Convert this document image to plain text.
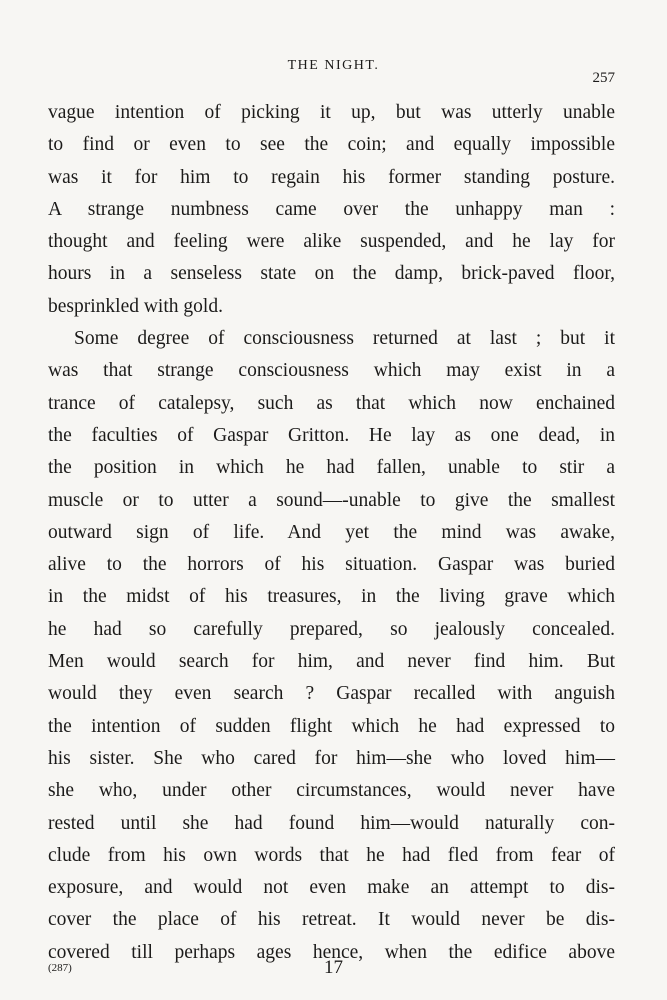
THE NIGHT.
257
vague intention of picking it up, but was utterly unable
to find or even to see the coin; and equally impossible
was it for him to regain his former standing posture.
A strange numbness came over the unhappy man :
thought and feeling were alike suspended, and he lay for
hours in a senseless state on the damp, brick-paved floor,
besprinkled with gold.
Some degree of consciousness returned at last ; but it
was that strange consciousness which may exist in a
trance of catalepsy, such as that which now enchained
the faculties of Gaspar Gritton. He lay as one dead, in
the position in which he had fallen, unable to stir a
muscle or to utter a sound—-unable to give the smallest
outward sign of life. And yet the mind was awake,
alive to the horrors of his situation. Gaspar was buried
in the midst of his treasures, in the living grave which
he had so carefully prepared, so jealously concealed.
Men would search for him, and never find him. But
would they even search ? Gaspar recalled with anguish
the intention of sudden flight which he had expressed to
his sister. She who cared for him—she who loved him—
she who, under other circumstances, would never have
rested until she had found him—would naturally con-
clude from his own words that he had fled from fear of
exposure, and would not even make an attempt to dis-
cover the place of his retreat. It would never be dis-
covered till perhaps ages hence, when the edifice above
(287)	17
